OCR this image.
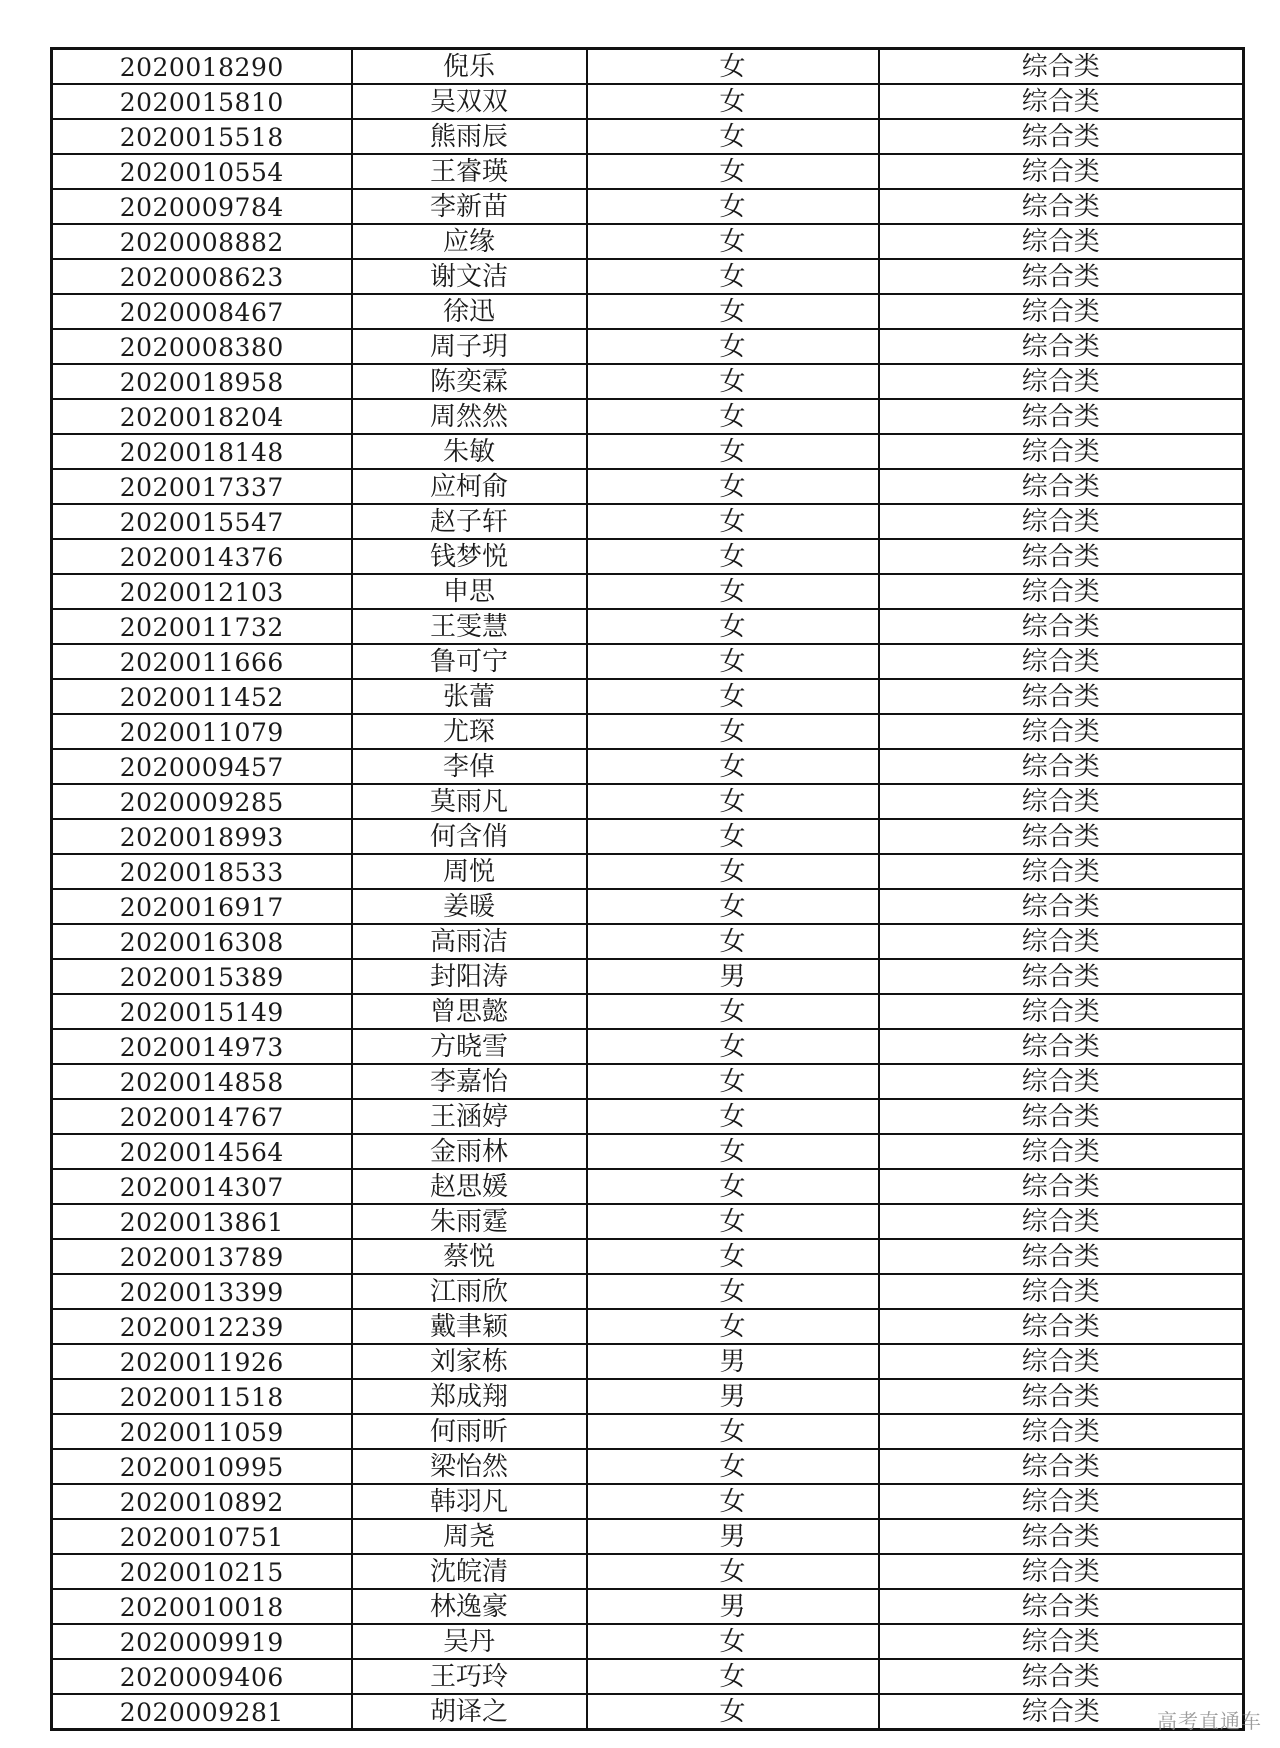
2020018290	倪乐	女	综合类
2020015810	吴双双	女	综合类
2020015518	熊雨辰	女	综合类
2020010554	王睿瑛	女	综合类
2020009784	李新苗	女	综合类
2020008882	应缘	女	综合类
2020008623	谢文洁	女	综合类
2020008467	徐迅	女	综合类
2020008380	周子玥	女	综合类
2020018958	陈奕霖	女	综合类
2020018204	周然然	女	综合类
2020018148	朱敏	女	综合类
2020017337	应柯俞	女	综合类
2020015547	赵子轩	女	综合类
2020014376	钱梦悦	女	综合类
2020012103	申思	女	综合类
2020011732	王雯慧	女	综合类
2020011666	鲁可宁	女	综合类
2020011452	张蕾	女	综合类
2020011079	尤琛	女	综合类
2020009457	李倬	女	综合类
2020009285	莫雨凡	女	综合类
2020018993	何含俏	女	综合类
2020018533	周悦	女	综合类
2020016917	姜暖	女	综合类
2020016308	高雨洁	女	综合类
2020015389	封阳涛	男	综合类
2020015149	曾思懿	女	综合类
2020014973	方晓雪	女	综合类
2020014858	李嘉怡	女	综合类
2020014767	王涵婷	女	综合类
2020014564	金雨林	女	综合类
2020014307	赵思媛	女	综合类
2020013861	朱雨霆	女	综合类
2020013789	蔡悦	女	综合类
2020013399	江雨欣	女	综合类
2020012239	戴聿颖	女	综合类
2020011926	刘家栋	男	综合类
2020011518	郑成翔	男	综合类
2020011059	何雨昕	女	综合类
2020010995	梁怡然	女	综合类
2020010892	韩羽凡	女	综合类
2020010751	周尧	男	综合类
2020010215	沈皖清	女	综合类
2020010018	林逸豪	男	综合类
2020009919	吴丹	女	综合类
2020009406	王巧玲	女	综合类
2020009281	胡译之	女	综合类	高考直通车
